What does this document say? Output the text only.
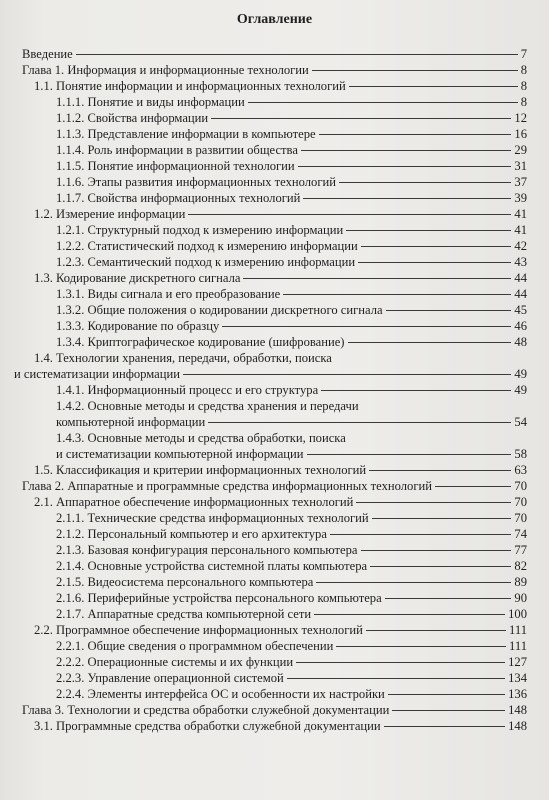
Оглавление
Введение	7
Глава 1. Информация и информационные технологии	8
1.1. Понятие информации и информационных технологий	8
1.1.1. Понятие и виды информации	8
1.1.2. Свойства информации	12
1.1.3. Представление информации в компьютере	16
1.1.4. Роль информации в развитии общества	29
1.1.5. Понятие информационной технологии	31
1.1.6. Этапы развития информационных технологий	37
1.1.7. Свойства информационных технологий	39
1.2. Измерение информации	41
1.2.1. Структурный подход к измерению информации	41
1.2.2. Статистический подход к измерению информации	42
1.2.3. Семантический подход к измерению информации	43
1.3. Кодирование дискретного сигнала	44
1.3.1. Виды сигнала и его преобразование	44
1.3.2. Общие положения о кодировании дискретного сигнала	45
1.3.3. Кодирование по образцу	46
1.3.4. Криптографическое кодирование (шифрование)	48
1.4. Технологии хранения, передачи, обработки, поиска
и систематизации информации	49
1.4.1. Информационный процесс и его структура	49
1.4.2. Основные методы и средства хранения и передачи
компьютерной информации	54
1.4.3. Основные методы и средства обработки, поиска
и систематизации компьютерной информации	58
1.5. Классификация и критерии информационных технологий	63
Глава 2. Аппаратные и программные средства информационных технологий	70
2.1. Аппаратное обеспечение информационных технологий	70
2.1.1. Технические средства информационных технологий	70
2.1.2. Персональный компьютер и его архитектура	74
2.1.3. Базовая конфигурация персонального компьютера	77
2.1.4. Основные устройства системной платы компьютера	82
2.1.5. Видеосистема персонального компьютера	89
2.1.6. Периферийные устройства персонального компьютера	90
2.1.7. Аппаратные средства компьютерной сети	100
2.2. Программное обеспечение информационных технологий	111
2.2.1. Общие сведения о программном обеспечении	111
2.2.2. Операционные системы и их функции	127
2.2.3. Управление операционной системой	134
2.2.4. Элементы интерфейса ОС и особенности их настройки	136
Глава 3. Технологии и средства обработки служебной документации	148
3.1. Программные средства обработки служебной документации	148
